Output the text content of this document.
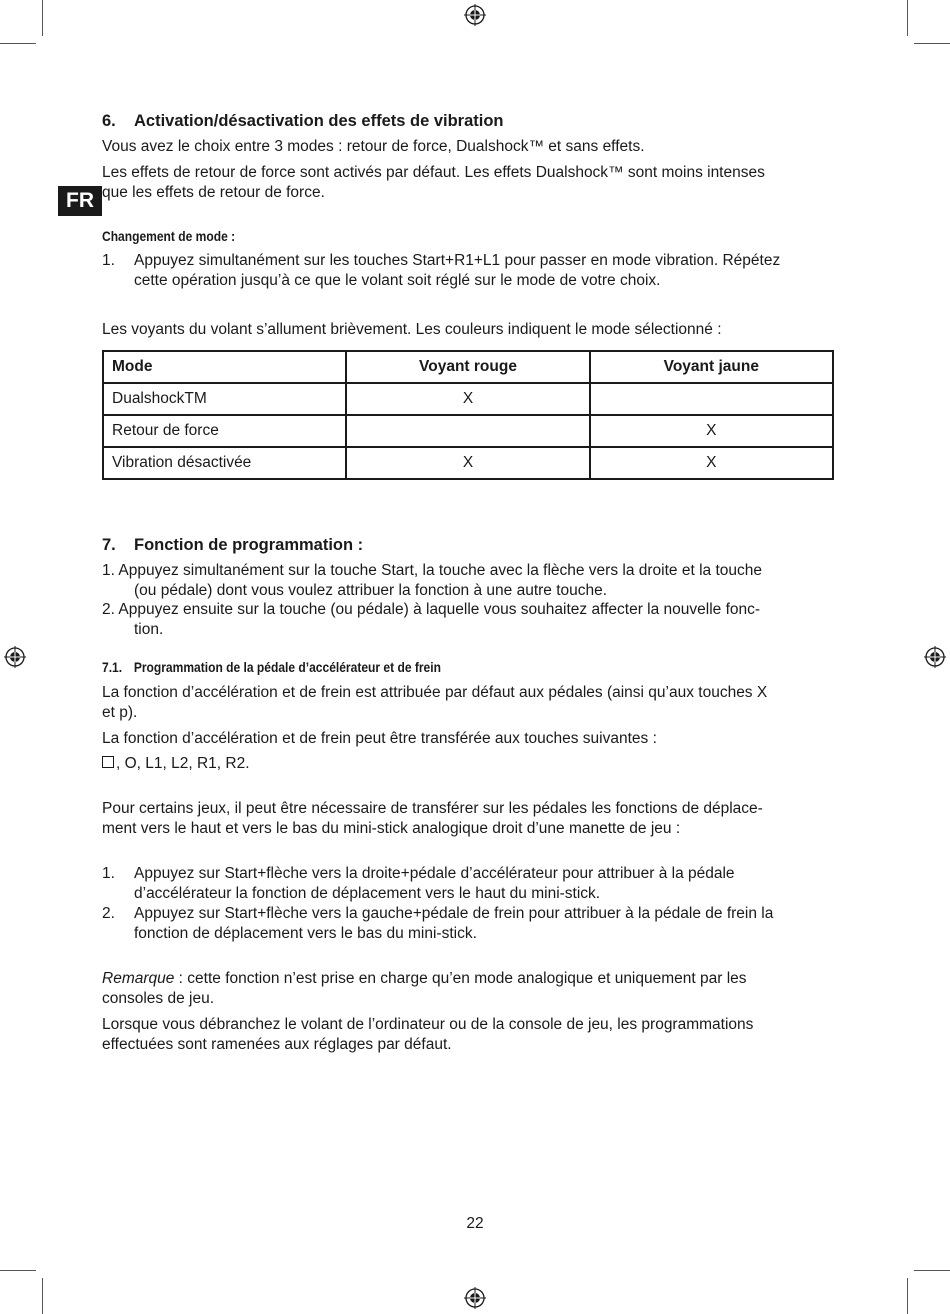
FR
6. Activation/désactivation des effets de vibration

Vous avez le choix entre 3 modes : retour de force, Dualshock™ et sans effets.

Les effets de retour de force sont activés par défaut. Les effets Dualshock™ sont moins intenses

que les effets de retour de force.

Changement de mode :
1. Appuyez simultanément sur les touches Start+R1+L1 pour passer en mode vibration. Répétez
cette opération jusqu’à ce que le volant soit réglé sur le mode de votre choix.

Les voyants du volant s’allument brièvement. Les couleurs indiquent le mode sélectionné :

Mode	Voyant rouge	Voyant jaune
DualshockTM	X	
Retour de force		X
Vibration désactivée	X	X
7. Fonction de programmation :
1. Appuyez simultanément sur la touche Start, la touche avec la flèche vers la droite et la touche
(ou pédale) dont vous voulez attribuer la fonction à une autre touche.
2. Appuyez ensuite sur la touche (ou pédale) à laquelle vous souhaitez affecter la nouvelle fonc-
tion.
7.1. Programmation de la pédale d’accélérateur et de frein

La fonction d’accélération et de frein est attribuée par défaut aux pédales (ainsi qu’aux touches X

et p).

La fonction d’accélération et de frein peut être transférée aux touches suivantes :

, O, L1, L2, R1, R2.

Pour certains jeux, il peut être nécessaire de transférer sur les pédales les fonctions de déplace-

ment vers le haut et vers le bas du mini-stick analogique droit d’une manette de jeu :

1. Appuyez sur Start+flèche vers la droite+pédale d’accélérateur pour attribuer à la pédale
d’accélérateur la fonction de déplacement vers le haut du mini-stick.
2. Appuyez sur Start+flèche vers la gauche+pédale de frein pour attribuer à la pédale de frein la
fonction de déplacement vers le bas du mini-stick.
Remarque : cette fonction n’est prise en charge qu’en mode analogique et uniquement par les
consoles de jeu.

Lorsque vous débranchez le volant de l’ordinateur ou de la console de jeu, les programmations

effectuées sont ramenées aux réglages par défaut.

22
